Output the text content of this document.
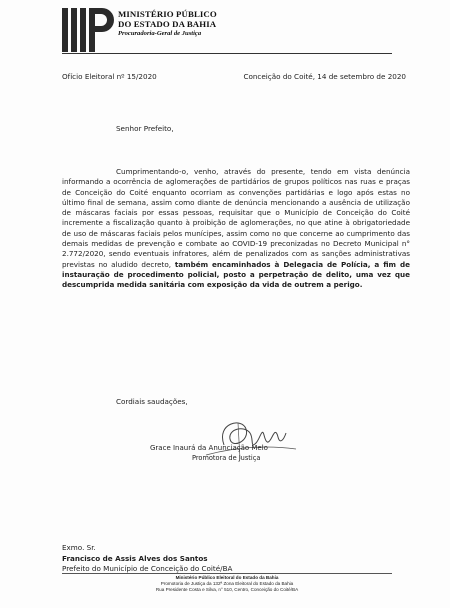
MINISTÉRIO PÚBLICO
DO ESTADO DA BAHIA
Procuradoria-Geral de Justiça
Ofício Eleitoral nº 15/2020	Conceição do Coité, 14 de setembro de 2020
Senhor Prefeito,
Cumprimentando-o, venho, através do presente, tendo em vista denúncia informando a ocorrência de aglomerações de partidários de grupos políticos nas ruas e praças de Conceição do Coité enquanto ocorriam as convenções partidárias e logo após estas no último final de semana, assim como diante de denúncia mencionando a ausência de utilização de máscaras faciais por essas pessoas, requisitar que o Município de Conceição do Coité incremente a fiscalização quanto à proibição de aglomerações, no que atine à obrigatoriedade de uso de máscaras faciais pelos munícipes, assim como no que concerne ao cumprimento das demais medidas de prevenção e combate ao COVID-19 preconizadas no Decreto Municipal n° 2.772/2020, sendo eventuais infratores, além de penalizados com as sanções administrativas previstas no aludido decreto, também encaminhados à Delegacia de Polícia, a fim de instauração de procedimento policial, posto a perpetração de delito, uma vez que descumprida medida sanitária com exposição da vida de outrem a perigo.
Cordiais saudações,
Grace Inaurá da Anunciação Melo
Promotora de Justiça
Exmo. Sr.
Francisco de Assis Alves dos Santos
Prefeito do Município de Conceição do Coité/BA
Ministério Público Eleitoral do Estado da Bahia
Promotoria de Justiça da 132ª Zona Eleitoral do Estado da Bahia
Rua Presidente Costa e Silva, n° 510, Centro, Conceição do Coité/BA
